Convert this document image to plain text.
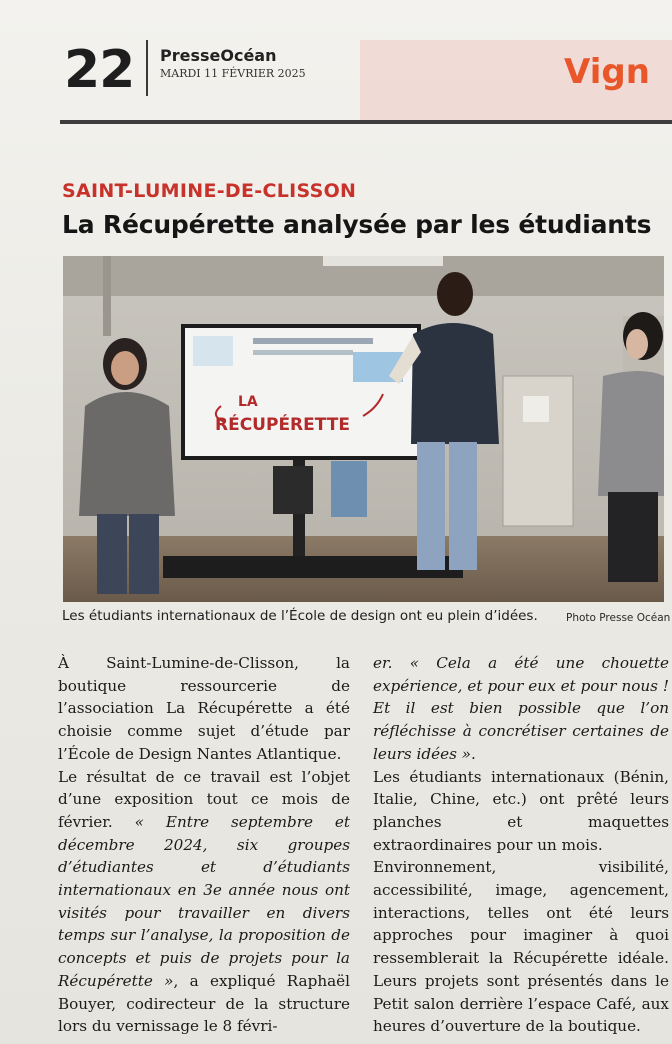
22 PresseOcéan
MARDI 11 FÉVRIER 2025	Vign
SAINT-LUMINE-DE-CLISSON
La Récupérette analysée par les étudiants
LA
RÉCUPÉRETTE
Les étudiants internationaux de l’École de design ont eu plein d’idées.	Photo Presse Océan

À Saint-Lumine-de-Clisson, la boutique ressourcerie de l’association La Récupérette a été choisie comme sujet d’étude par l’École de Design Nantes Atlantique.

Le résultat de ce travail est l’objet d’une exposition tout ce mois de février. « Entre septembre et décembre 2024, six groupes d’étudiantes et d’étudiants internationaux en 3e année nous ont visités pour travailler en divers temps sur l’analyse, la proposition de concepts et puis de projets pour la Récupérette », a expliqué Raphaël Bouyer, codirecteur de la structure lors du vernissage le 8 févri-

er. « Cela a été une chouette expérience, et pour eux et pour nous ! Et il est bien possible que l’on réfléchisse à concrétiser certaines de leurs idées ».

Les étudiants internationaux (Bénin, Italie, Chine, etc.) ont prêté leurs planches et maquettes extraordinaires pour un mois.

Environnement, visibilité, accessibilité, image, agencement, interactions, telles ont été leurs approches pour imaginer à quoi ressemblerait la Récupérette idéale. Leurs projets sont présentés dans le Petit salon derrière l’espace Café, aux heures d’ouverture de la boutique.
